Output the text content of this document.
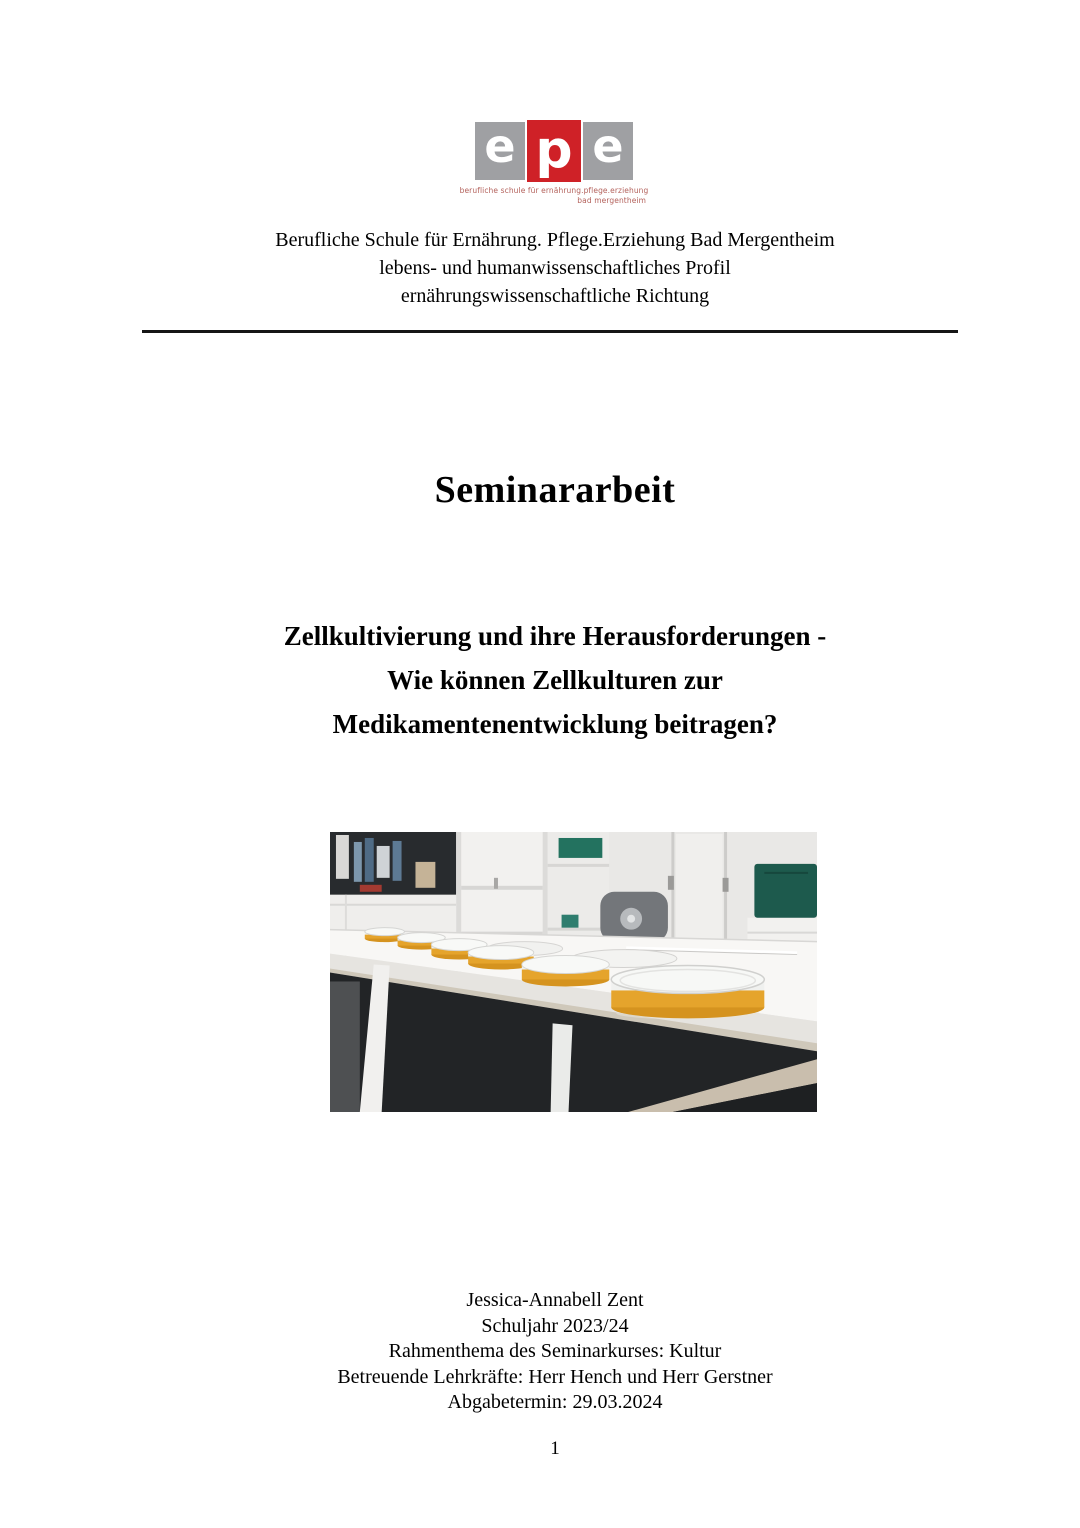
e p e
berufliche schule für ernährung.pflege.erziehung
bad mergentheim
Berufliche Schule für Ernährung. Pflege.Erziehung Bad Mergentheim
lebens- und humanwissenschaftliches Profil
ernährungswissenschaftliche Richtung
Seminararbeit
Zellkultivierung und ihre Herausforderungen -
Wie können Zellkulturen zur
Medikamentenentwicklung beitragen?
Jessica-Annabell Zent
Schuljahr 2023/24
Rahmenthema des Seminarkurses: Kultur
Betreuende Lehrkräfte: Herr Hench und Herr Gerstner
Abgabetermin: 29.03.2024
1
